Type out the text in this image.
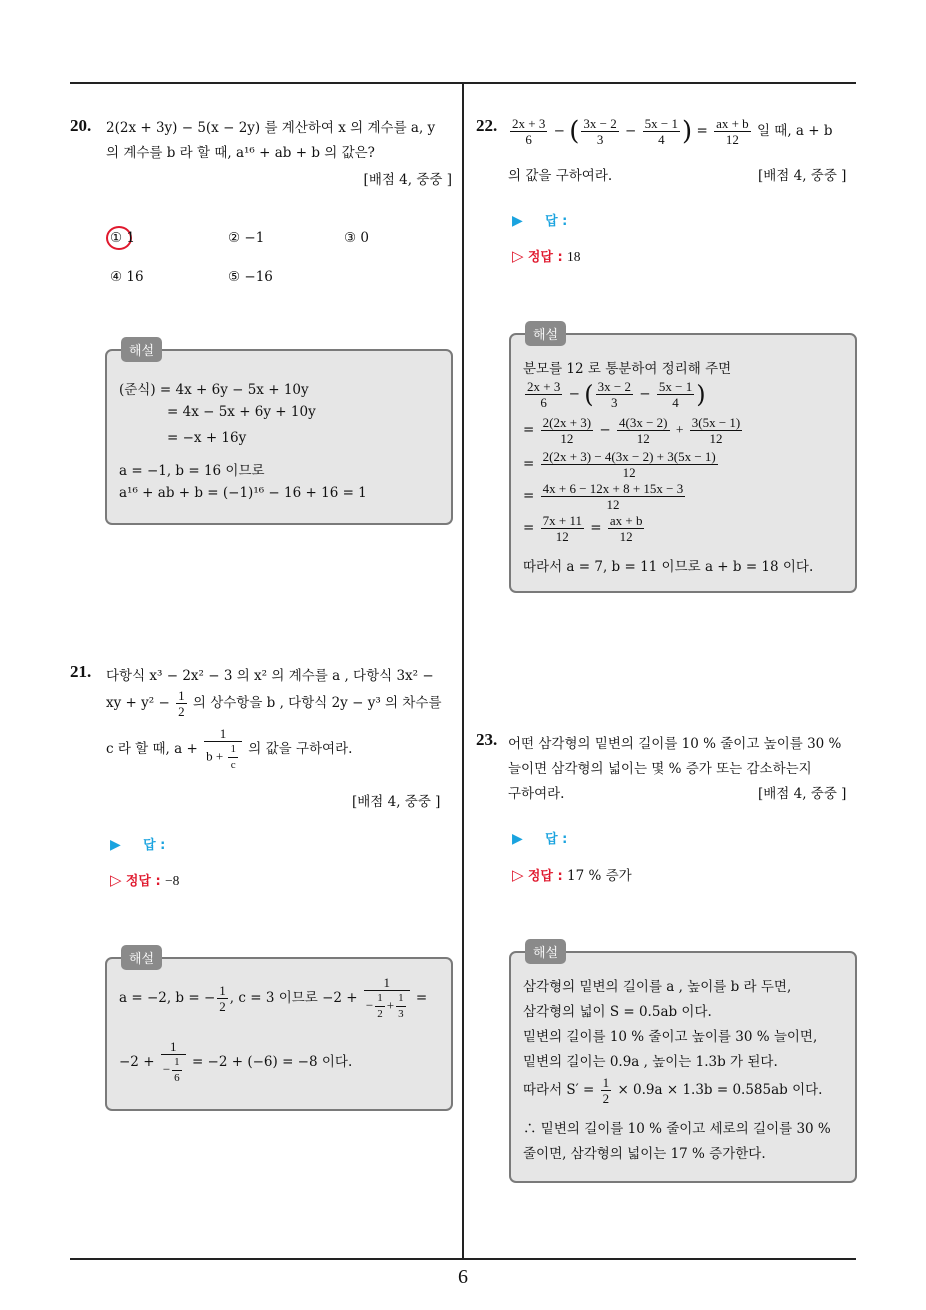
20. 2(2x + 3y) − 5(x − 2y) 를 계산하여 x 의 계수를 a, y
의 계수를 b 라 할 때, a¹⁶ + ab + b 의 값은?
[배점 4, 중중 ]
① 1	② −1	③ 0
④ 16	⑤ −16
해설
(준식) = 4x + 6y − 5x + 10y
= 4x − 5x + 6y + 10y
= −x + 16y
a = −1, b = 16 이므로
a¹⁶ + ab + b = (−1)¹⁶ − 16 + 16 = 1
21. 다항식 x³ − 2x² − 3 의 x² 의 계수를 a , 다항식 3x² −
xy + $y^2 - \frac{1}{2}$ 의 상수항을 b , 다항식 2y − y³ 의 차수를
c 라 할 때, $a + \frac{1}{b + \frac{1}{c}}$ 의 값을 구하여라.
[배점 4, 중중 ]
▶ 답 :
▷ 정답 : −8
해설
a = −2, b = − $\frac{1}{2}$ , c = 3 이므로 $-2 + \frac{1}{- \frac{1}{2} + \frac{1}{3}}$ =
$-2 + \frac{1}{- \frac{1}{6}} = -2 + (-6) = -8$ 이다.
22. $\frac{2x + 3}{6}$ − ( $\frac{3x - 2}{3} - \frac{5x - 1}{4}$ ) = $\frac{ax + b}{12}$ 일 때, a + b
의 값을 구하여라.	[배점 4, 중중 ]
▶ 답 :
▷ 정답 : 18
해설
분모를 12 로 통분하여 정리해 주면
$\frac{2x + 3}{6}$ − ( $\frac{3x - 2}{3} - \frac{5x - 1}{4}$ )
= $\frac{2(2x + 3)}{12} - \frac{4(3x - 2)}{12} + \frac{3(5x - 1)}{12}$
= $\frac{2(2x + 3) - 4(3x - 2) + 3(5x - 1)}{12}$
= $\frac{4x + 6 - 12x + 8 + 15x - 3}{12}$
= $\frac{7x + 11}{12} = \frac{ax + b}{12}$
따라서 a = 7, b = 11 이므로 a + b = 18 이다.
23. 어떤 삼각형의 밑변의 길이를 10 % 줄이고 높이를 30 %
늘이면 삼각형의 넓이는 몇 % 증가 또는 감소하는지
구하여라.	[배점 4, 중중 ]
▶ 답 :
▷ 정답 : 17 % 증가
해설
삼각형의 밑변의 길이를 a , 높이를 b 라 두면,
삼각형의 넓이 S = 0.5ab 이다.
밑변의 길이를 10 % 줄이고 높이를 30 % 늘이면,
밑변의 길이는 0.9a , 높이는 1.3b 가 된다.
따라서 $S' = \frac{1}{2} \times 0.9a \times 1.3b = 0.585ab$ 이다.
∴ 밑변의 길이를 10 % 줄이고 세로의 길이를 30 %
줄이면, 삼각형의 넓이는 17 % 증가한다.
6
